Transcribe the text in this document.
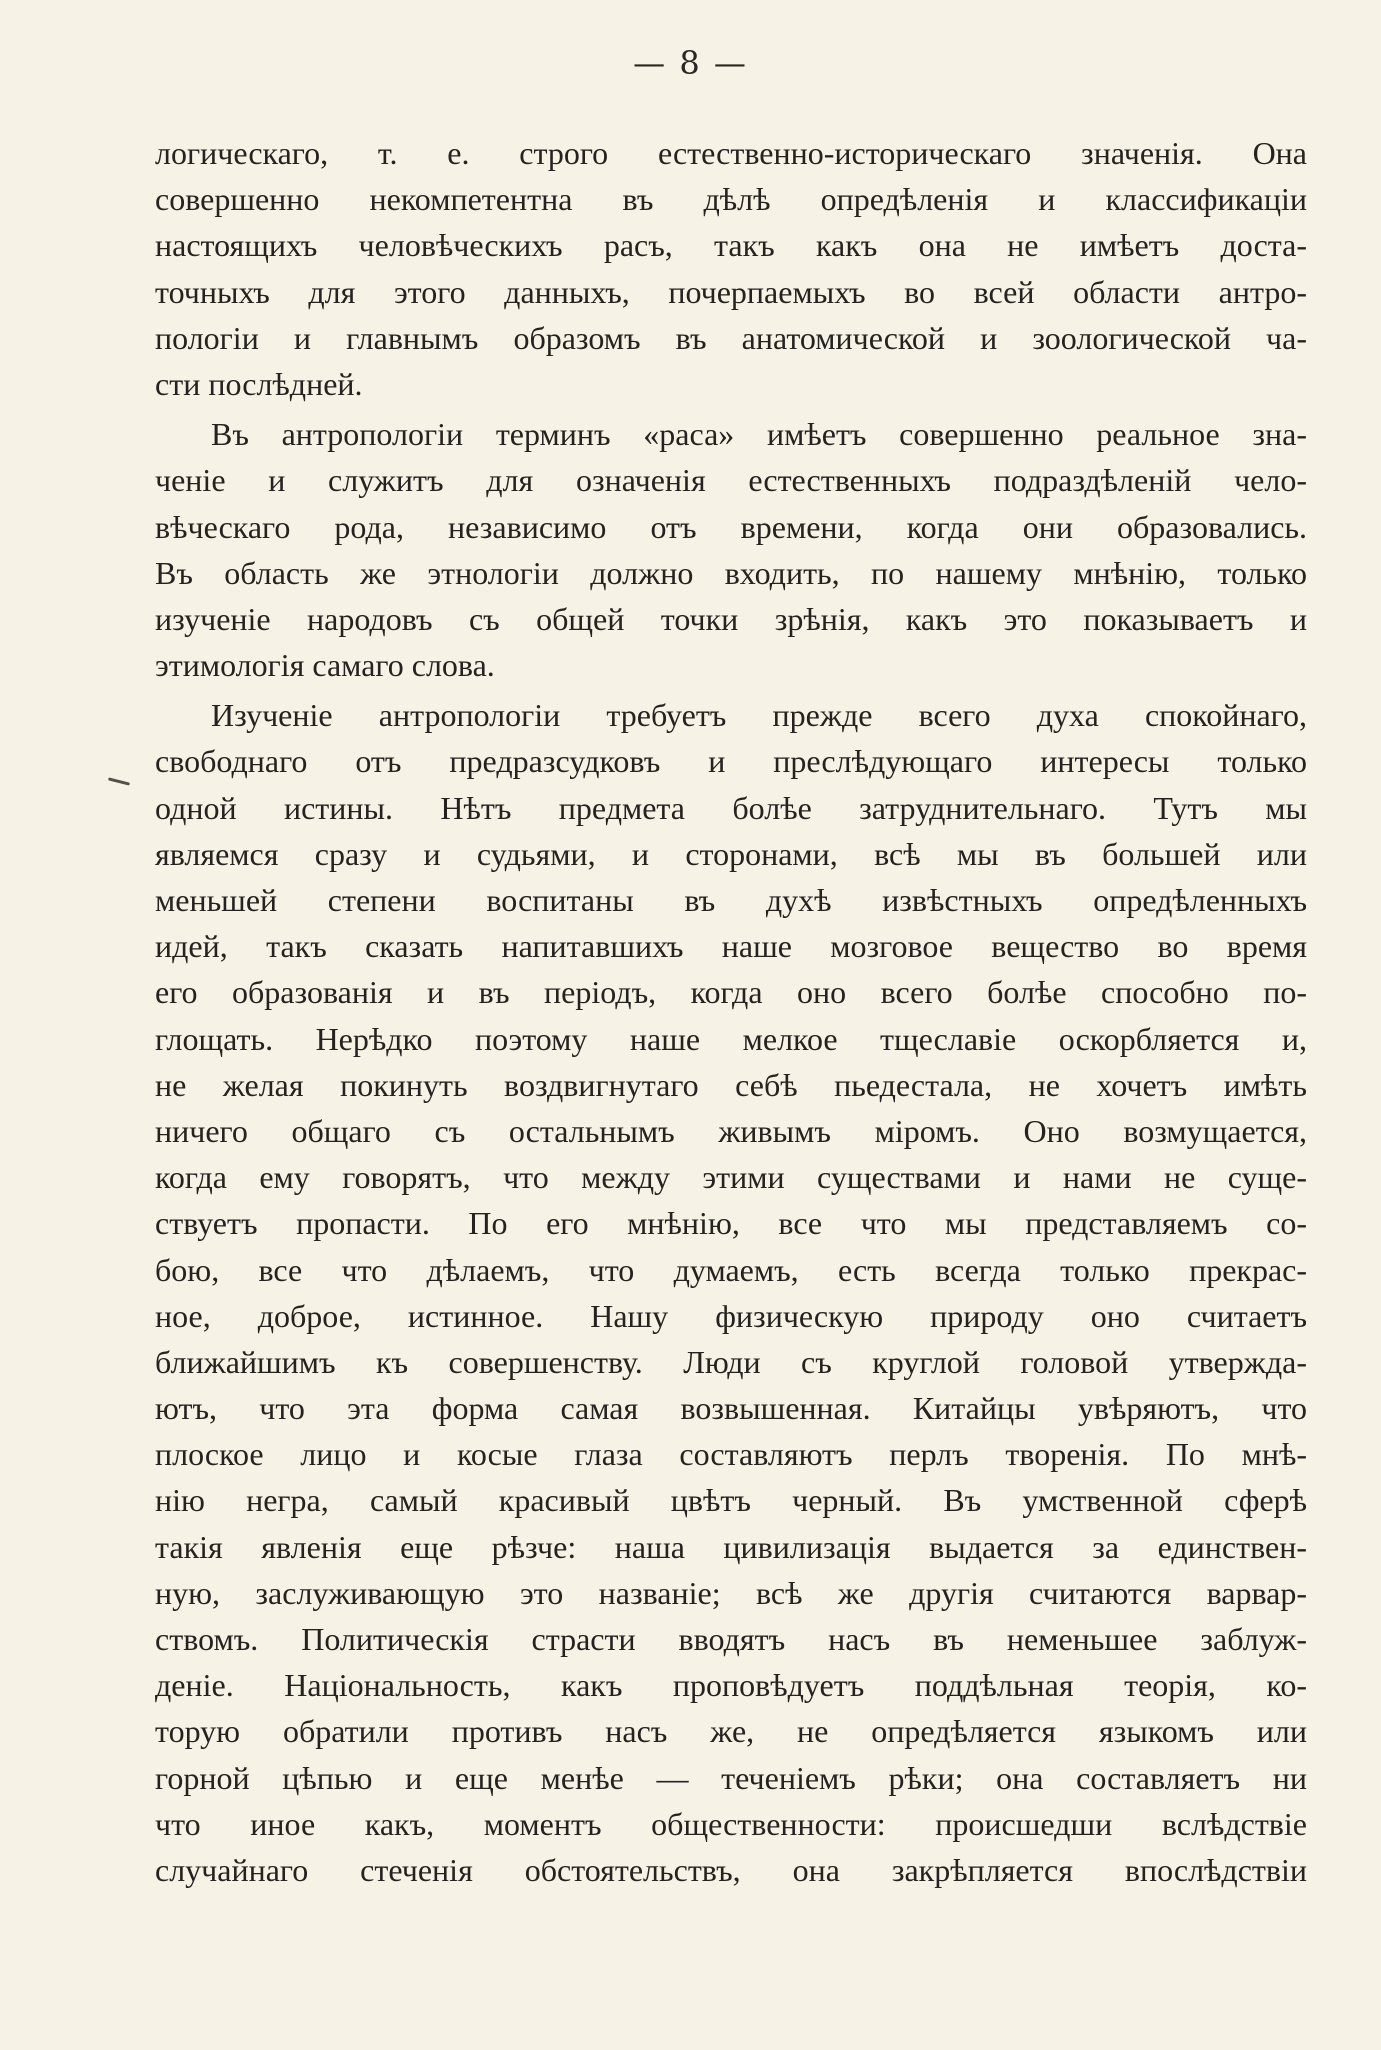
— 8 —
логическаго, т. е. строго естественно-историческаго значенія. Она
совершенно некомпетентна въ дѣлѣ опредѣленія и классификаціи
настоящихъ человѣческихъ расъ, такъ какъ она не имѣетъ доста-
точныхъ для этого данныхъ, почерпаемыхъ во всей области антро-
пологіи и главнымъ образомъ въ анатомической и зоологической ча-
сти послѣдней.
Въ антропологіи терминъ «раса» имѣетъ совершенно реальное зна-
ченіе и служитъ для означенія естественныхъ подраздѣленій чело-
вѣческаго рода, независимо отъ времени, когда они образовались.
Въ область же этнологіи должно входить, по нашему мнѣнію, только
изученіе народовъ съ общей точки зрѣнія, какъ это показываетъ и
этимологія самаго слова.
Изученіе антропологіи требуетъ прежде всего духа спокойнаго,
свободнаго отъ предразсудковъ и преслѣдующаго интересы только
одной истины. Нѣтъ предмета болѣе затруднительнаго. Тутъ мы
являемся сразу и судьями, и сторонами, всѣ мы въ большей или
меньшей степени воспитаны въ духѣ извѣстныхъ опредѣленныхъ
идей, такъ сказать напитавшихъ наше мозговое вещество во время
его образованія и въ періодъ, когда оно всего болѣе способно по-
глощать. Нерѣдко поэтому наше мелкое тщеславіе оскорбляется и,
не желая покинуть воздвигнутаго себѣ пьедестала, не хочетъ имѣть
ничего общаго съ остальнымъ живымъ міромъ. Оно возмущается,
когда ему говорятъ, что между этими существами и нами не суще-
ствуетъ пропасти. По его мнѣнію, все что мы представляемъ со-
бою, все что дѣлаемъ, что думаемъ, есть всегда только прекрас-
ное, доброе, истинное. Нашу физическую природу оно считаетъ
ближайшимъ къ совершенству. Люди съ круглой головой утвержда-
ютъ, что эта форма самая возвышенная. Китайцы увѣряютъ, что
плоское лицо и косые глаза составляютъ перлъ творенія. По мнѣ-
нію негра, самый красивый цвѣтъ черный. Въ умственной сферѣ
такія явленія еще рѣзче: наша цивилизація выдается за единствен-
ную, заслуживающую это названіе; всѣ же другія считаются варвар-
ствомъ. Политическія страсти вводятъ насъ въ неменьшее заблуж-
деніе. Національность, какъ проповѣдуетъ поддѣльная теорія, ко-
торую обратили противъ насъ же, не опредѣляется языкомъ или
горной цѣпью и еще менѣе — теченіемъ рѣки; она составляетъ ни
что иное какъ, моментъ общественности: происшедши вслѣдствіе
случайнаго стеченія обстоятельствъ, она закрѣпляется впослѣдствіи
